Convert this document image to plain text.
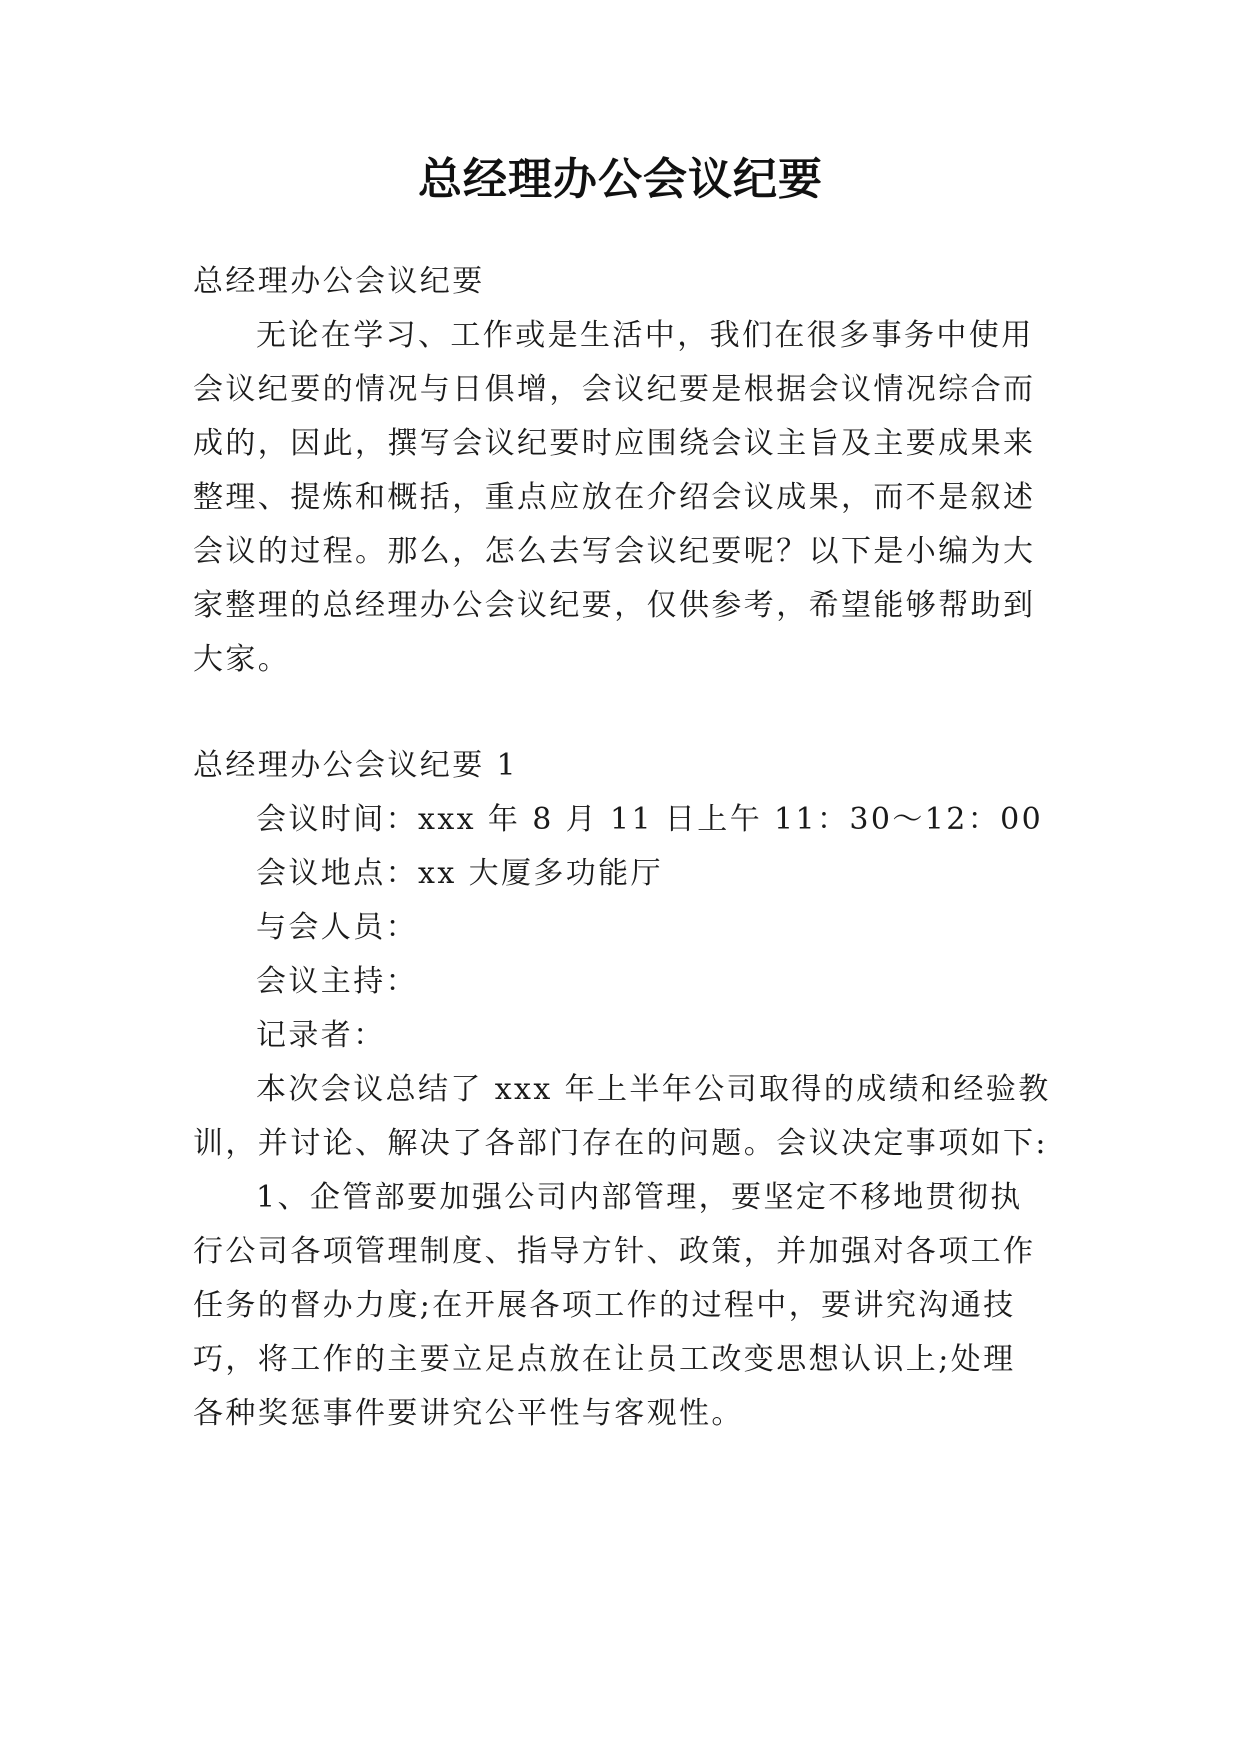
总经理办公会议纪要

总经理办公会议纪要

无论在学习、工作或是生活中，我们在很多事务中使用

会议纪要的情况与日俱增，会议纪要是根据会议情况综合而

成的，因此，撰写会议纪要时应围绕会议主旨及主要成果来

整理、提炼和概括，重点应放在介绍会议成果，而不是叙述

会议的过程。那么，怎么去写会议纪要呢？以下是小编为大

家整理的总经理办公会议纪要，仅供参考，希望能够帮助到

大家。

总经理办公会议纪要 1

会议时间：xxx 年 8 月 11 日上午 11：30～12：00

会议地点：xx 大厦多功能厅

与会人员：

会议主持：

记录者：

本次会议总结了 xxx 年上半年公司取得的成绩和经验教

训，并讨论、解决了各部门存在的问题。会议决定事项如下:

1、企管部要加强公司内部管理，要坚定不移地贯彻执

行公司各项管理制度、指导方针、政策，并加强对各项工作

任务的督办力度;在开展各项工作的过程中，要讲究沟通技

巧，将工作的主要立足点放在让员工改变思想认识上;处理

各种奖惩事件要讲究公平性与客观性。
